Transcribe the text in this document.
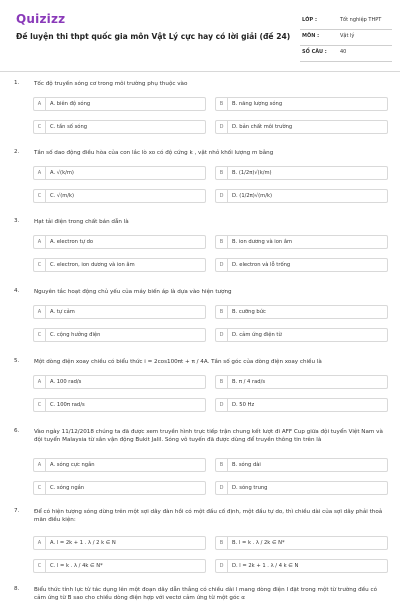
Quizizz
Đề luyện thi thpt quốc gia môn Vật Lý cực hay có lời giải (đề 24)
LỚP :	Tốt nghiệp THPT
MÔN :	Vật lý
SỐ CÂU :	40
1.	Tốc độ truyền sóng cơ trong môi trường phụ thuộc vào
A	A. biên độ sóng	B	B. năng lượng sóng
C	C. tần số sóng	D	D. bản chất môi trường
2.	Tần số dao động điều hòa của con lắc lò xo có độ cứng k , vật nhỏ khối lượng m bằng
A	A. √(k/m)	B	B. (1/2π)√(k/m)
C	C. √(m/k)	D	D. (1/2π)√(m/k)
3.	Hạt tải điện trong chất bán dẫn là
A	A. electron tự do	B	B. ion dương và ion âm
C	C. electron, ion dương và ion âm	D	D. electron và lỗ trống
4.	Nguyên tắc hoạt động chủ yếu của máy biến áp là dựa vào hiện tượng
A	A. tự cảm	B	B. cưỡng bức
C	C. cộng hưởng điện	D	D. cảm ứng điện từ
5.	Một dòng điện xoay chiều có biểu thức i = 2cos100πt + π / 4A. Tần số góc của dòng điện xoay chiều là
A	A. 100 rad/s	B	B. π / 4 rad/s
C	C. 100π rad/s	D	D. 50 Hz
6.	Vào ngày 11/12/2018 chúng ta đã được xem truyền hình trực tiếp trận chung kết lượt đi AFF Cup giữa đội tuyển Việt Nam và đội tuyển Malaysia từ sân vận động Bukit Jalil. Sóng vô tuyến đã được dùng để truyền thông tin trên là
A	A. sóng cực ngắn	B	B. sóng dài
C	C. sóng ngắn	D	D. sóng trung
7.	Để có hiện tượng sóng dừng trên một sợi dây đàn hồi có một đầu cố định, một đầu tự do, thì chiều dài của sợi dây phải thoả mãn điều kiện:
A	A. l = 2k + 1 . λ / 2 k ∈ N	B	B. l = k . λ / 2k ∈ N*
C	C. l = k . λ / 4k ∈ N*	D	D. l = 2k + 1 . λ / 4 k ∈ N
8.	Biểu thức tính lực từ tác dụng lên một đoạn dây dẫn thẳng có chiều dài l mang dòng điện I đặt trong một từ trường đều có cảm ứng từ B sao cho chiều dòng điện hợp với vectơ cảm ứng từ một góc α
